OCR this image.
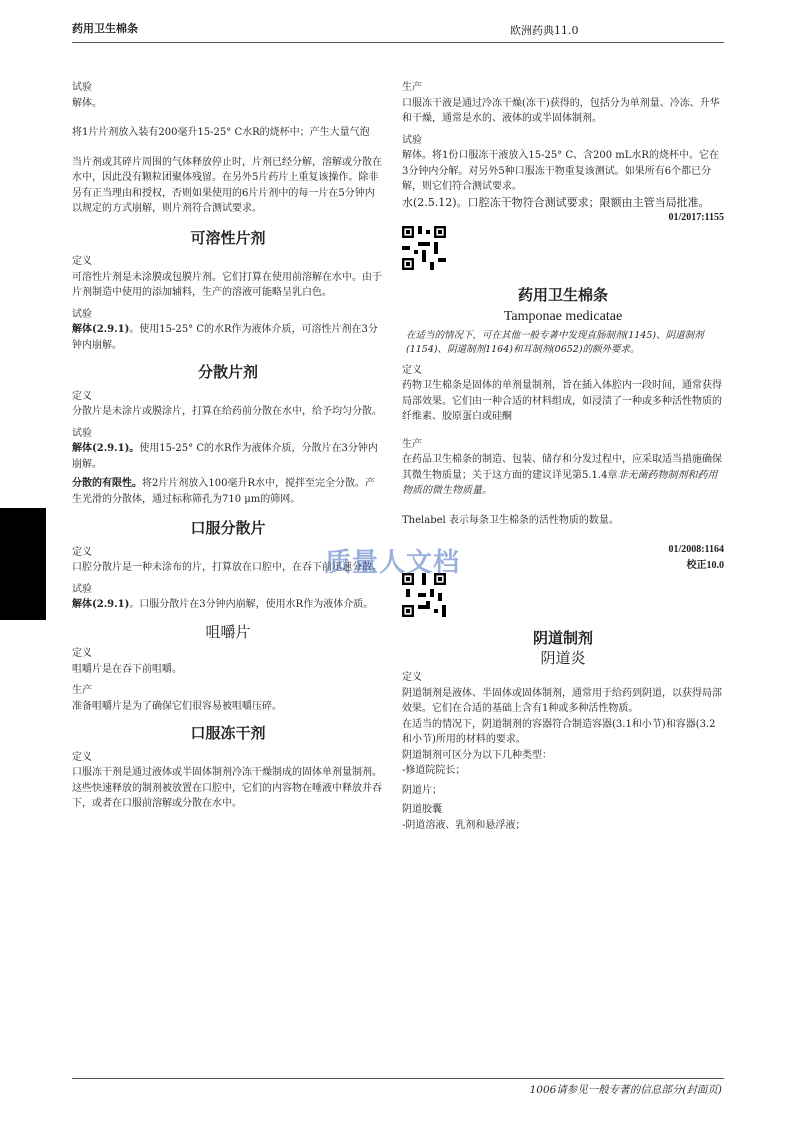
药用卫生棉条	欧洲药典11.0

试验

解体。

将1片片剂放入装有200毫升15-25° C水R的烧杯中；产生大量气泡

当片剂或其碎片周围的气体释放停止时，片剂已经分解，溶解或分散在水中，因此没有颗粒团聚体残留。在另外5片药片上重复该操作。除非另有正当理由和授权，否则如果使用的6片片剂中的每一片在5分钟内以规定的方式崩解，则片剂符合测试要求。

可溶性片剂

定义

可溶性片剂是未涂膜或包膜片剂。它们打算在使用前溶解在水中。由于片剂制造中使用的添加辅料，生产的溶液可能略呈乳白色。

试验

解体(2.9.1)。使用15-25° C的水R作为液体介质，可溶性片剂在3分钟内崩解。

分散片剂

定义

分散片是未涂片或膜涂片，打算在给药前分散在水中，给予均匀分散。

试验

解体(2.9.1)。使用15-25° C的水R作为液体介质，分散片在3分钟内崩解。

分散的有限性。将2片片剂放入100毫升R水中，搅拌至完全分散。产生光滑的分散体，通过标称筛孔为710 μm的筛网。

口服分散片

定义

口腔分散片是一种未涂布的片，打算放在口腔中，在吞下前迅速分散。

试验

解体(2.9.1)。口服分散片在3分钟内崩解，使用水R作为液体介质。

咀嚼片

定义

咀嚼片是在吞下前咀嚼。

生产

准备咀嚼片是为了确保它们很容易被咀嚼压碎。

口服冻干剂

定义

口服冻干剂是通过液体或半固体制剂冷冻干燥制成的固体单剂量制剂。这些快速释放的制剂被放置在口腔中，它们的内容物在唾液中释放并吞下，或者在口服前溶解或分散在水中。

生产

口服冻干液是通过冷冻干燥(冻干)获得的，包括分为单剂量、冷冻、升华和干燥，通常是水的、液体的或半固体制剂。

试验

解体。将1份口服冻干液放入15-25° C、含200 mL水R的烧杯中。它在3分钟内分解。对另外5种口服冻干物重复该测试。如果所有6个都已分解，则它们符合测试要求。

水(2.5.12)。口腔冻干物符合测试要求；限额由主管当局批准。

01/2017:1155

药用卫生棉条

Tamponae medicatae

在适当的情况下，可在其他一般专著中发现直肠制剂(1145)、阴道制剂(1154)、阴道制剂1164)和耳制剂(0652)的额外要求。

定义

药物卫生棉条是固体的单剂量制剂，旨在插入体腔内一段时间，通常获得局部效果。它们由一种合适的材料组成，如浸渍了一种或多种活性物质的纤维素、胶原蛋白或硅酮

生产

在药品卫生棉条的制造、包装、储存和分发过程中，应采取适当措施确保其微生物质量；关于这方面的建议详见第5.1.4章非无菌药物制剂和药用物质的微生物质量。

Thelabel 表示每条卫生棉条的活性物质的数量。

01/2008:1164

校正10.0

阴道制剂

阴道炎

定义

阴道制剂是液体、半固体或固体制剂，通常用于给药到阴道，以获得局部效果。它们在合适的基础上含有1种或多种活性物质。

在适当的情况下，阴道制剂的容器符合制造容器(3.1和小节)和容器(3.2和小节)所用的材料的要求。

阴道制剂可区分为以下几种类型：

-修道院院长；

阴道片；

阴道胶囊

-阴道溶液、乳剂和悬浮液；

质量人文档
1006请参见一般专著的信息部分(封面页)
